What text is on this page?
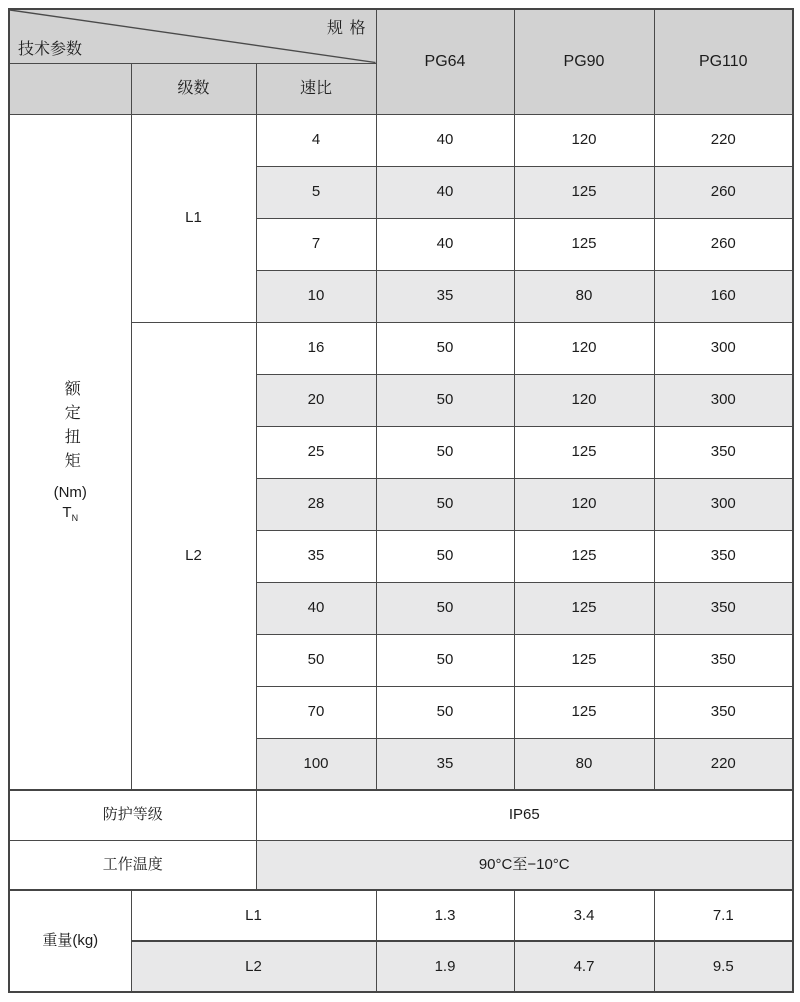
规 格
技术参数			PG64	PG90	PG110
	级数	速比			

额定扭矩
(Nm)
$T_N$	L1	4	40	120	220
		5	40	125	260
		7	40	125	260
		10	35	80	160
	L2	16	50	120	300
		20	50	120	300
		25	50	125	350
		28	50	120	300
		35	50	125	350
		40	50	125	350
		50	50	125	350
		70	50	125	350
		100	35	80	220
防护等级		IP65			
工作温度		90°C至−10°C			
重量(kg)	L1		1.3	3.4	7.1
	L2		1.9	4.7	9.5
